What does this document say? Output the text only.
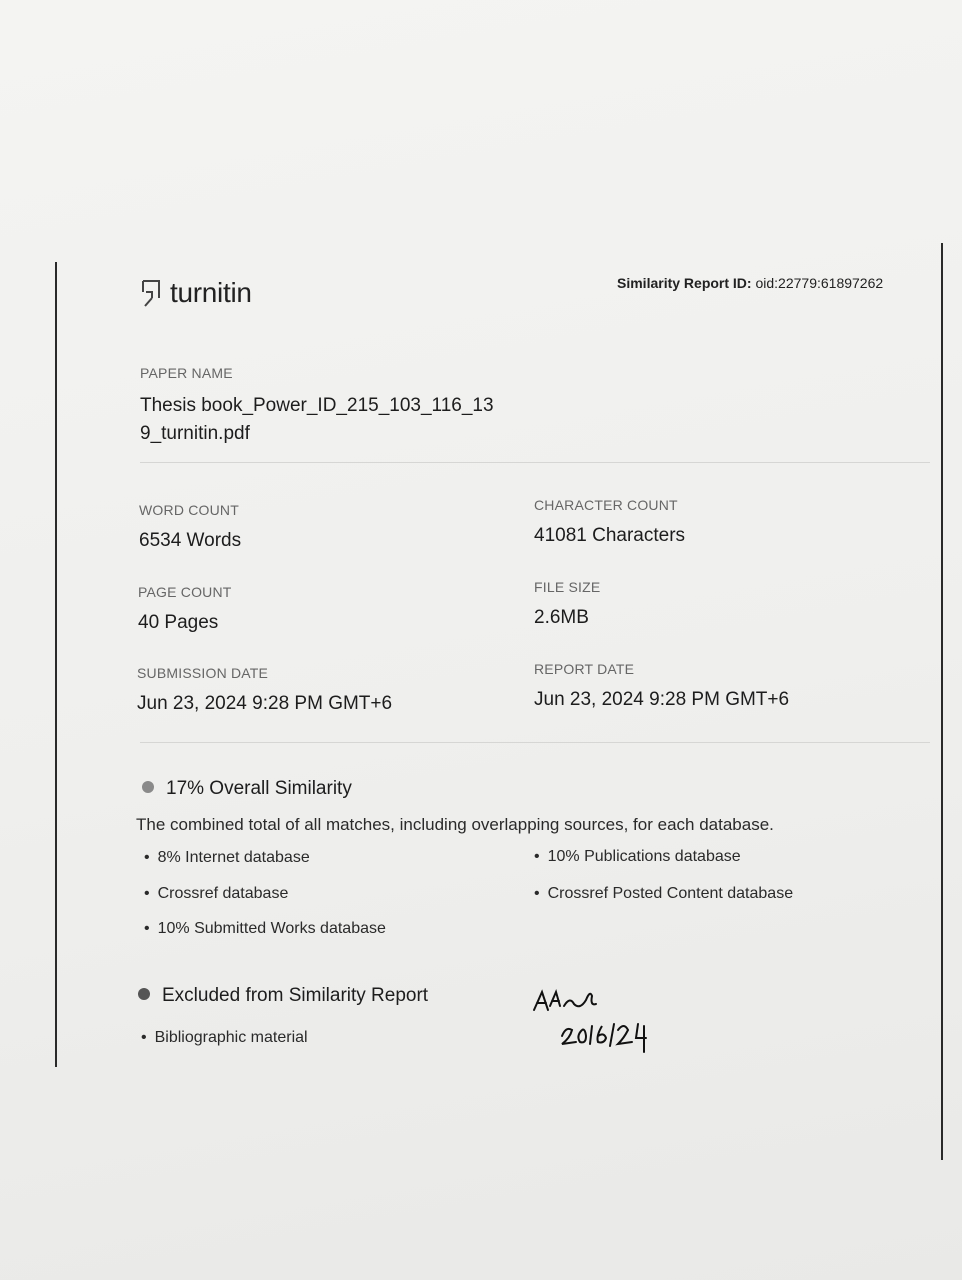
turnitin	Similarity Report ID: oid:22779:61897262
PAPER NAME
Thesis book_Power_ID_215_103_116_13
9_turnitin.pdf
WORD COUNT
6534 Words
CHARACTER COUNT
41081 Characters
PAGE COUNT
40 Pages
FILE SIZE
2.6MB
SUBMISSION DATE
Jun 23, 2024 9:28 PM GMT+6
REPORT DATE
Jun 23, 2024 9:28 PM GMT+6
17% Overall Similarity
The combined total of all matches, including overlapping sources, for each database.
• 8% Internet database
• Crossref database
• 10% Submitted Works database
• 10% Publications database
• Crossref Posted Content database
Excluded from Similarity Report
• Bibliographic material
